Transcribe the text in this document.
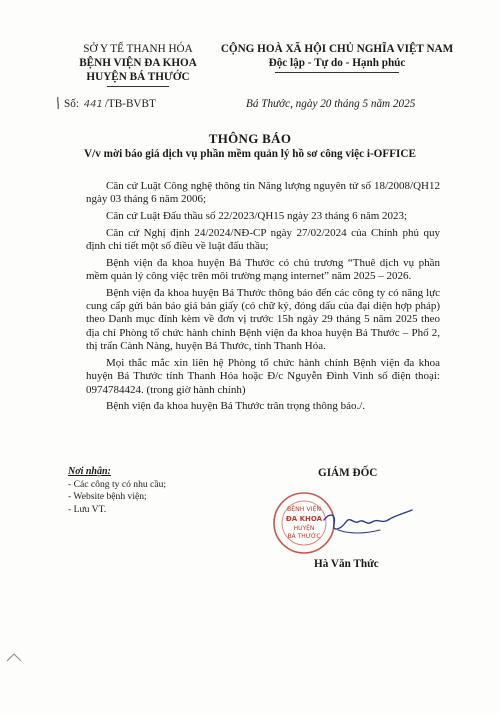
SỞ Y TẾ THANH HÓA
BỆNH VIỆN ĐA KHOA
HUYỆN BÁ THƯỚC
CỘNG HOÀ XÃ HỘI CHỦ NGHĨA VIỆT NAM
Độc lập - Tự do - Hạnh phúc
Số: 441 /TB-BVBT	Bá Thước, ngày 20 tháng 5 năm 2025
THÔNG BÁO
V/v mời báo giá dịch vụ phần mềm quản lý hồ sơ công việc i-OFFICE

Căn cứ Luật Công nghệ thông tin Năng lượng nguyên tử số 18/2008/QH12 ngày 03 tháng 6 năm 2006;

Căn cứ Luật Đấu thầu số 22/2023/QH15 ngày 23 tháng 6 năm 2023;

Căn cứ Nghị định 24/2024/NĐ-CP ngày 27/02/2024 của Chính phủ quy định chi tiết một số điều về luật đấu thầu;

Bệnh viện đa khoa huyện Bá Thước có chủ trương “Thuê dịch vụ phần mềm quản lý công việc trên môi trường mạng internet” năm 2025 – 2026.

Bệnh viện đa khoa huyện Bá Thước thông báo đến các công ty có năng lực cung cấp gửi bản báo giá bản giấy (có chữ ký, đóng dấu của đại diện hợp pháp) theo Danh mục đính kèm về đơn vị trước 15h ngày 29 tháng 5 năm 2025 theo địa chỉ Phòng tổ chức hành chính Bệnh viện đa khoa huyện Bá Thước – Phố 2, thị trấn Cành Nàng, huyện Bá Thước, tỉnh Thanh Hóa.

Mọi thắc mắc xin liên hệ Phòng tổ chức hành chính Bệnh viện đa khoa huyện Bá Thước tỉnh Thanh Hóa hoặc Đ/c Nguyễn Đình Vinh số điện thoại: 0974784424. (trong giờ hành chính)

Bệnh viện đa khoa huyện Bá Thước trân trọng thông báo./.

Nơi nhận:
- Các công ty có nhu cầu;
- Website bệnh viện;
- Lưu VT.
GIÁM ĐỐC
BỆNH VIỆN
ĐA KHOA
HUYỆN
BÁ THƯỚC
Hà Văn Thức
